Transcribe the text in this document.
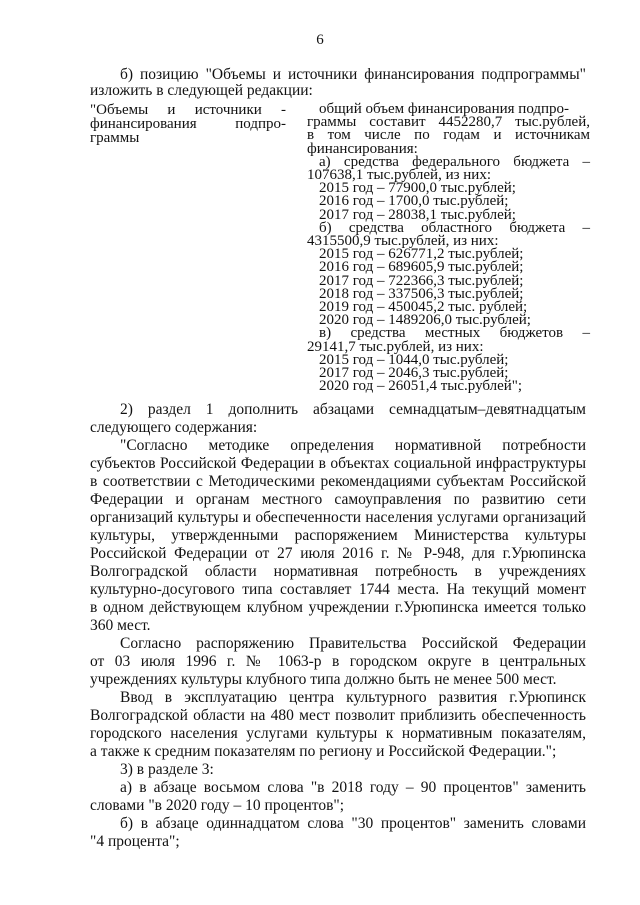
6
б) позицию "Объемы и источники финансирования подпрограммы"
изложить в следующей редакции:
"Объемы и источники -
финансирования подпро-
граммы
общий объем финансирования подпро-
граммы составит 4452280,7 тыс.рублей,
в том числе по годам и источникам
финансирования:
а) средства федерального бюджета –
107638,1 тыс.рублей, из них:
2015 год – 77900,0 тыс.рублей;
2016 год – 1700,0 тыс.рублей;
2017 год – 28038,1 тыс.рублей;
б) средства областного бюджета –
4315500,9 тыс.рублей, из них:
2015 год – 626771,2 тыс.рублей;
2016 год – 689605,9 тыс.рублей;
2017 год – 722366,3 тыс.рублей;
2018 год – 337506,3 тыс.рублей;
2019 год – 450045,2 тыс. рублей;
2020 год – 1489206,0 тыс.рублей;
в) средства местных бюджетов –
29141,7 тыс.рублей, из них:
2015 год – 1044,0 тыс.рублей;
2017 год – 2046,3 тыс.рублей;
2020 год – 26051,4 тыс.рублей";
2) раздел 1 дополнить абзацами семнадцатым–девятнадцатым
следующего содержания:
"Согласно методике определения нормативной потребности
субъектов Российской Федерации в объектах социальной инфраструктуры
в соответствии с Методическими рекомендациями субъектам Российской
Федерации и органам местного самоуправления по развитию сети
организаций культуры и обеспеченности населения услугами организаций
культуры, утвержденными распоряжением Министерства культуры
Российской Федерации от 27 июля 2016 г. № Р-948, для г.Урюпинска
Волгоградской области нормативная потребность в учреждениях
культурно-досугового типа составляет 1744 места. На текущий момент
в одном действующем клубном учреждении г.Урюпинска имеется только
360 мест.
Согласно распоряжению Правительства Российской Федерации
от 03 июля 1996 г. № 1063-р в городском округе в центральных
учреждениях культуры клубного типа должно быть не менее 500 мест.
Ввод в эксплуатацию центра культурного развития г.Урюпинск
Волгоградской области на 480 мест позволит приблизить обеспеченность
городского населения услугами культуры к нормативным показателям,
а также к средним показателям по региону и Российской Федерации.";
3) в разделе 3:
а) в абзаце восьмом слова "в 2018 году – 90 процентов" заменить
словами "в 2020 году – 10 процентов";
б) в абзаце одиннадцатом слова "30 процентов" заменить словами
"4 процента";
